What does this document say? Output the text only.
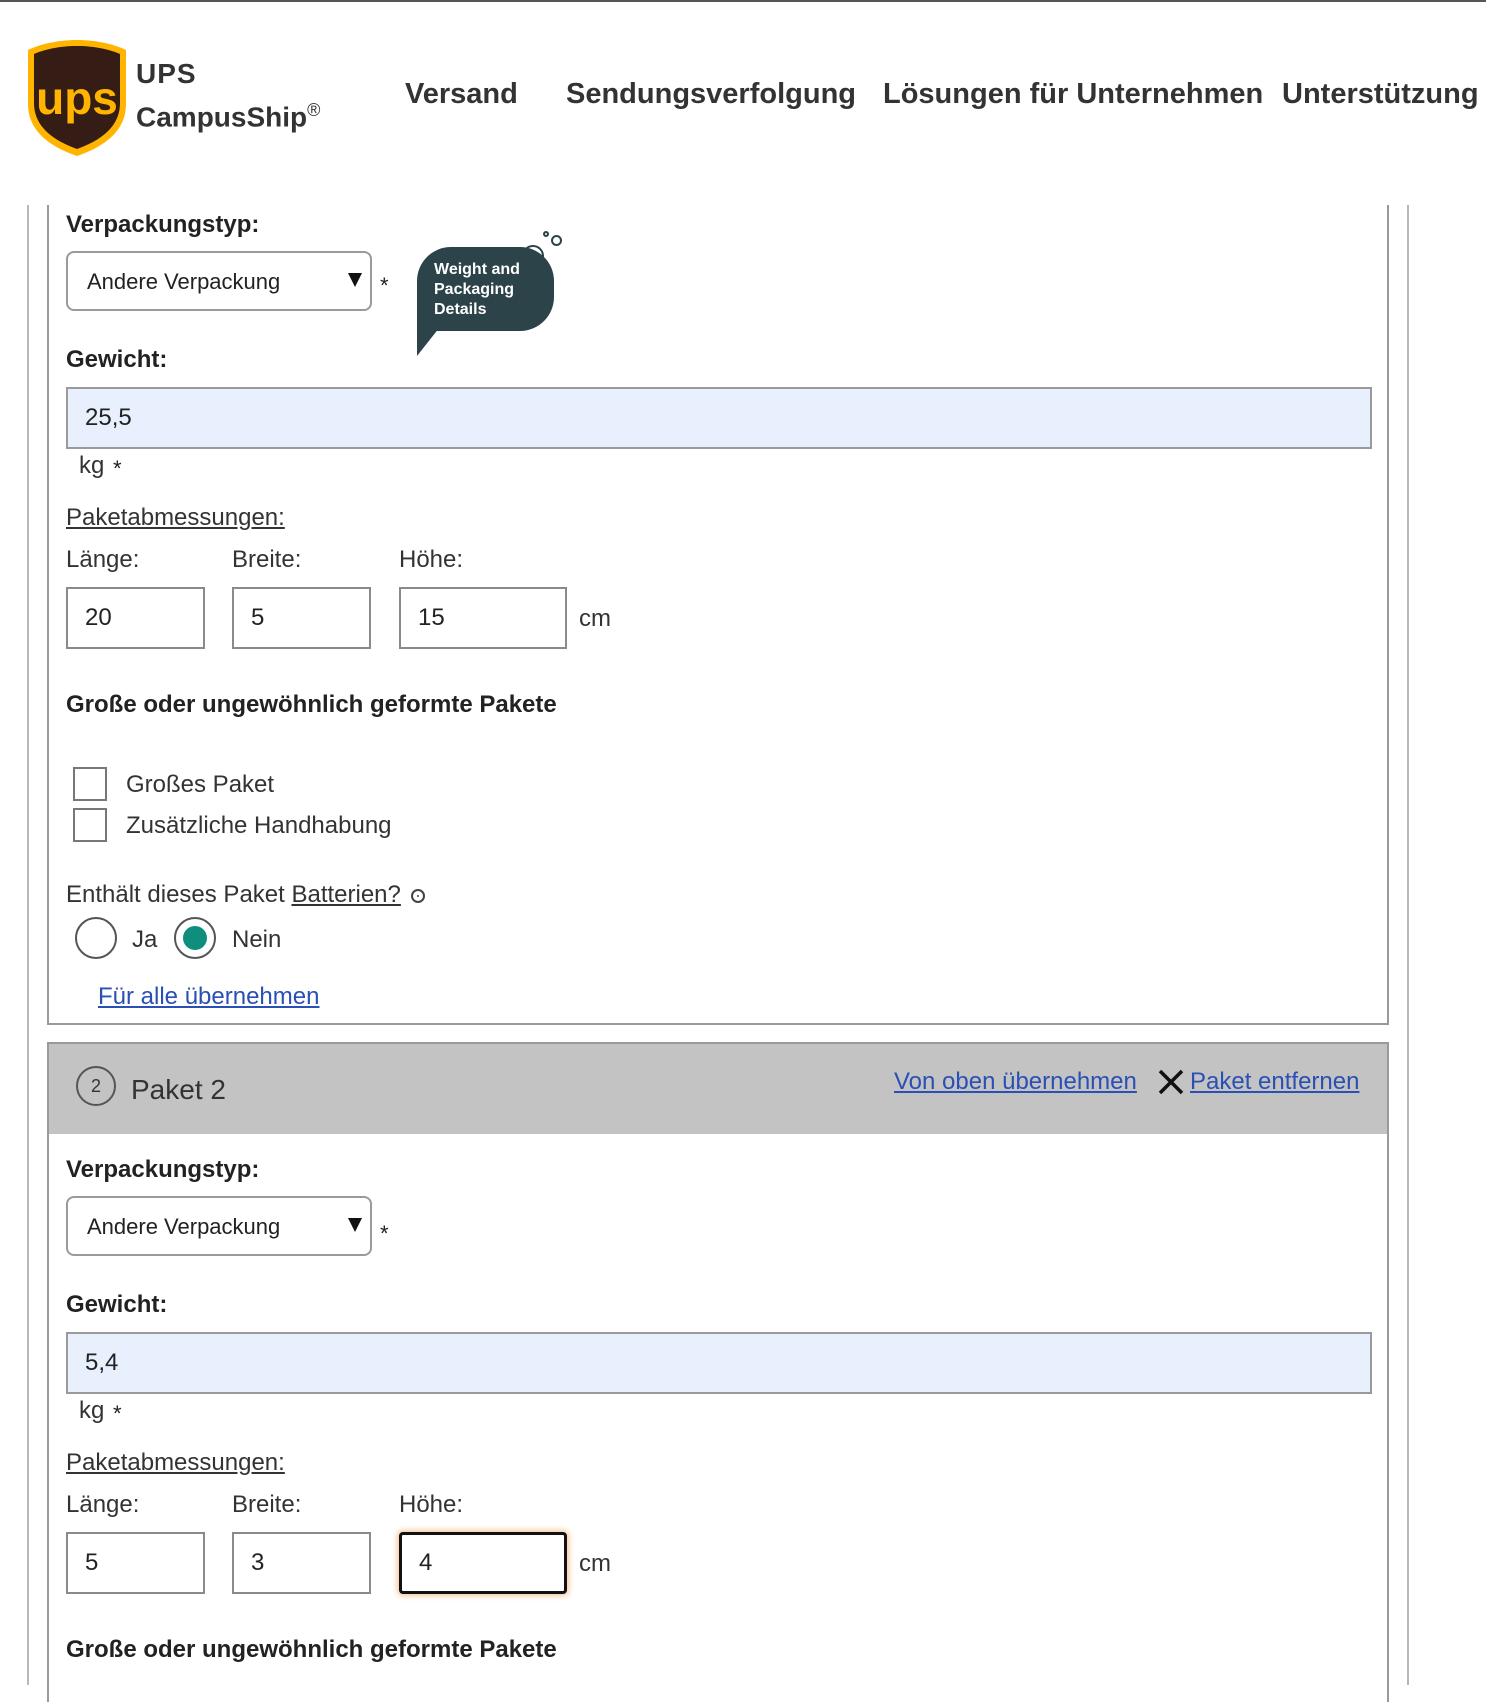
ups UPS
CampusShip®	Versand Sendungsverfolgung Lösungen für Unternehmen Unterstützung
Verpackungstyp:
Andere Verpackung	*
Gewicht:
25,5
kg *
Paketabmessungen:
Länge:	Breite:	Höhe:
20	5	15	cm
Große oder ungewöhnlich geformte Pakete
Großes Paket
Zusätzliche Handhabung
Enthält dieses Paket Batterien?
Ja	Nein
Für alle übernehmen
Weight and
Packaging
Details
2	Paket 2	Von oben übernehmen Paket entfernen
Verpackungstyp:
Andere Verpackung	*
Gewicht:
5,4
kg *
Paketabmessungen:
Länge:	Breite:	Höhe:
5	3	4	cm
Große oder ungewöhnlich geformte Pakete
